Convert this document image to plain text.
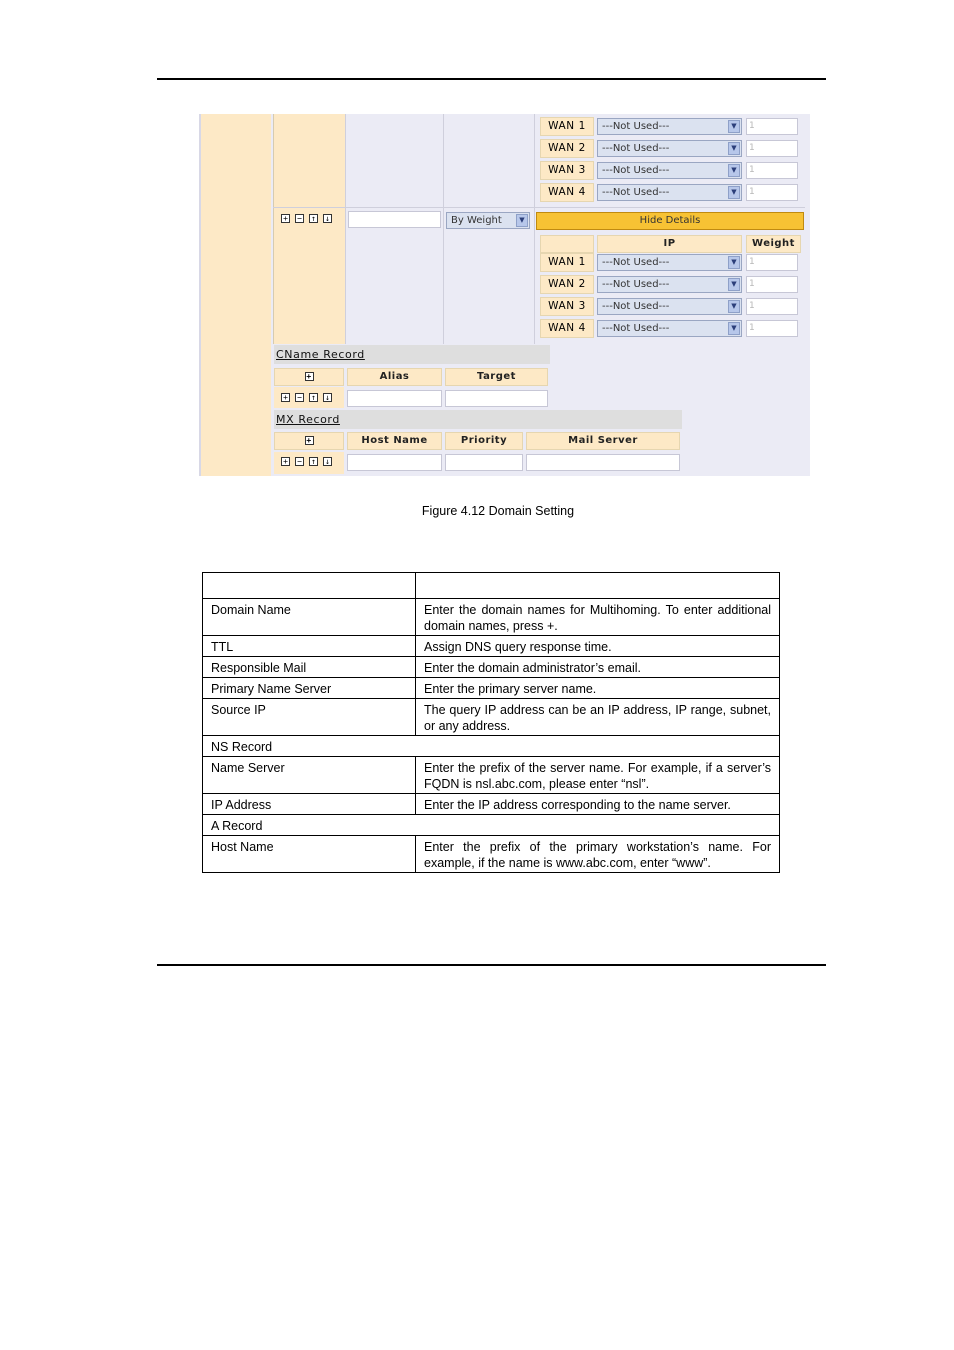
WAN 1	---Not Used---	▼	1
WAN 2	---Not Used---	▼	1
WAN 3	---Not Used---	▼	1
WAN 4	---Not Used---	▼	1
+ − ↑ ↓	By Weight	▼	Hide Details
IP	Weight
WAN 1	---Not Used---	▼	1
WAN 2	---Not Used---	▼	1
WAN 3	---Not Used---	▼	1
WAN 4	---Not Used---	▼	1
CName Record
+	Alias	Target
+ − ↑ ↓
MX Record
+	Host Name	Priority	Mail Server
+ − ↑ ↓
Figure 4.12 Domain Setting

Domain Name	Enter the domain names for Multihoming. To enter additional domain names, press +.
TTL	Assign DNS query response time.
Responsible Mail	Enter the domain administrator’s email.
Primary Name Server	Enter the primary server name.
Source IP	The query IP address can be an IP address, IP range, subnet, or any address.
NS Record	
Name Server	Enter the prefix of the server name. For example, if a server’s
FQDN is nsl.abc.com, please enter “nsl”.

IP Address	Enter the IP address corresponding to the name server.
A Record	
Host Name	Enter the prefix of the primary workstation’s name. For example, if the name is www.abc.com, enter “www”.
